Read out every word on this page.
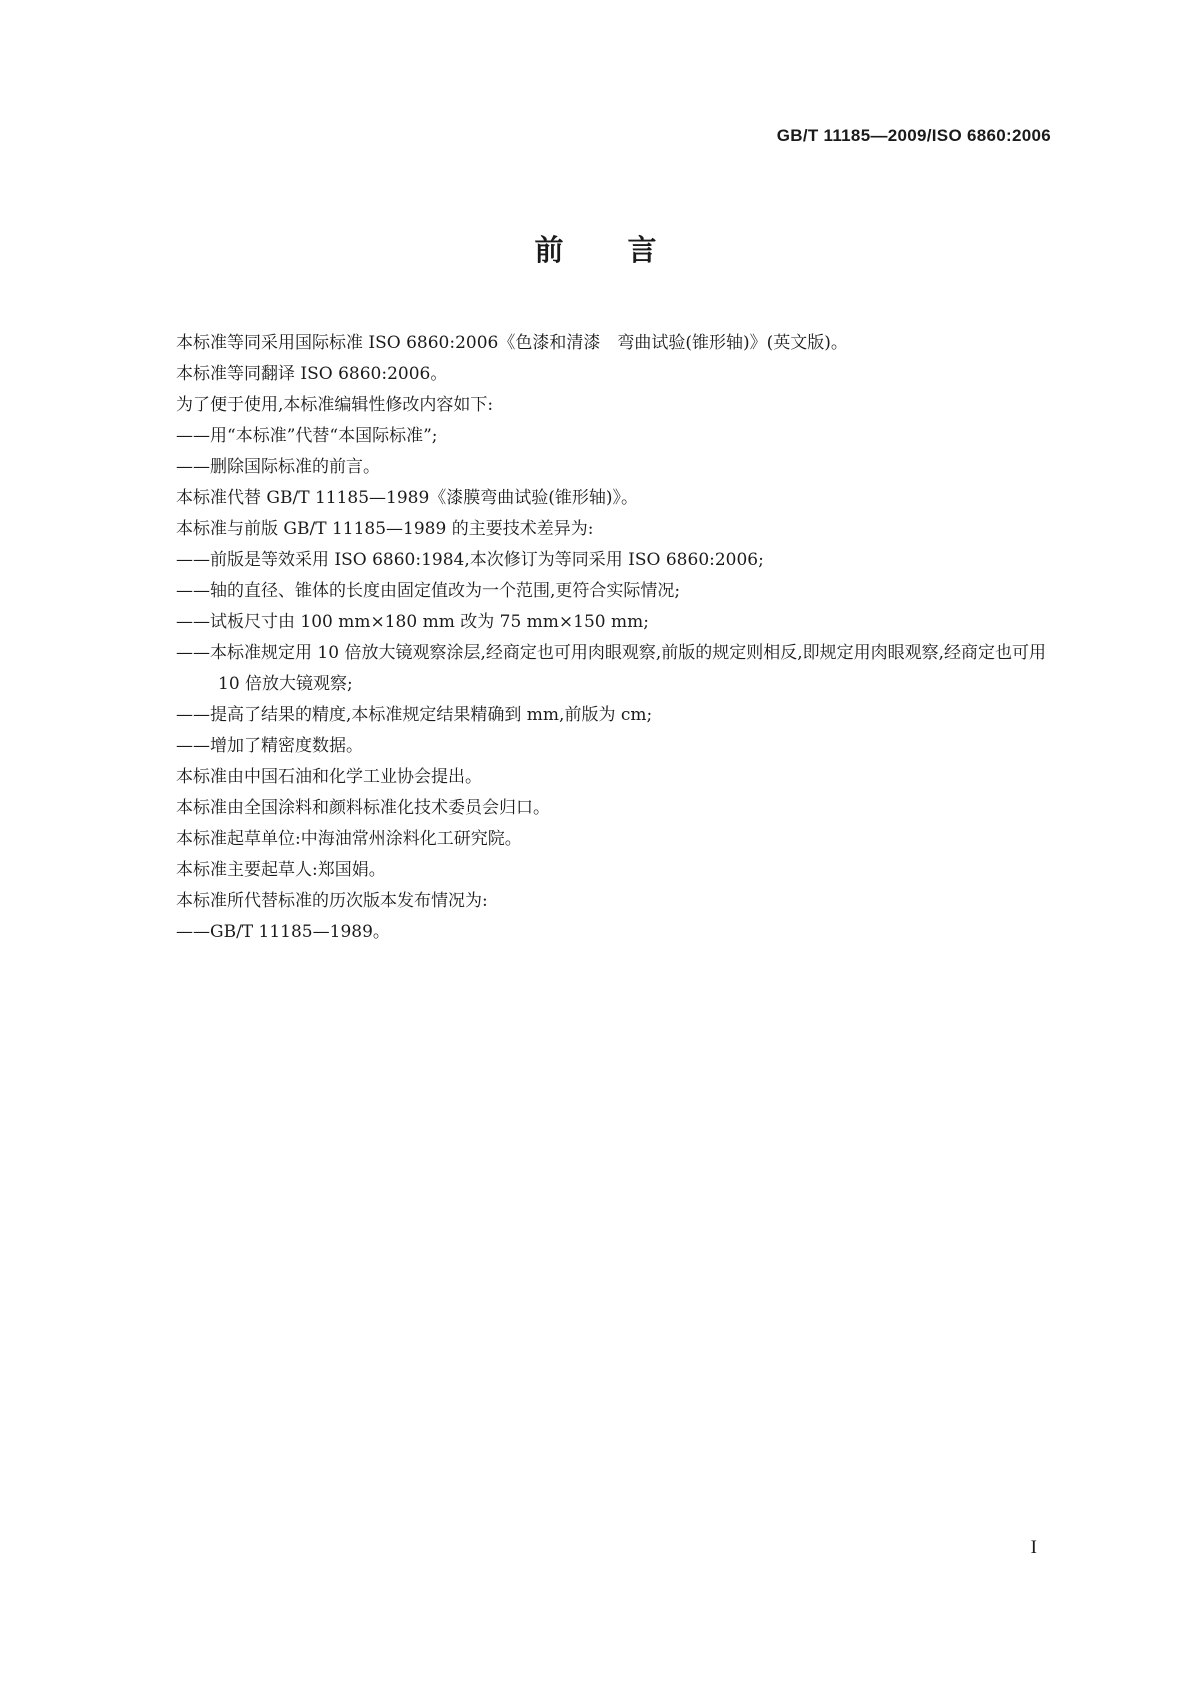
GB/T 11185—2009/ISO 6860:2006
前言

本标准等同采用国际标准 ISO 6860:2006《色漆和清漆　弯曲试验(锥形轴)》(英文版)。

本标准等同翻译 ISO 6860:2006。

为了便于使用,本标准编辑性修改内容如下:

——用“本标准”代替“本国际标准”;

——删除国际标准的前言。

本标准代替 GB/T 11185—1989《漆膜弯曲试验(锥形轴)》。

本标准与前版 GB/T 11185—1989 的主要技术差异为:

——前版是等效采用 ISO 6860:1984,本次修订为等同采用 ISO 6860:2006;

——轴的直径、锥体的长度由固定值改为一个范围,更符合实际情况;

——试板尺寸由 100 mm×180 mm 改为 75 mm×150 mm;

——本标准规定用 10 倍放大镜观察涂层,经商定也可用肉眼观察,前版的规定则相反,即规定用肉眼观察,经商定也可用 10 倍放大镜观察;

——提高了结果的精度,本标准规定结果精确到 mm,前版为 cm;

——增加了精密度数据。

本标准由中国石油和化学工业协会提出。

本标准由全国涂料和颜料标准化技术委员会归口。

本标准起草单位:中海油常州涂料化工研究院。

本标准主要起草人:郑国娟。

本标准所代替标准的历次版本发布情况为:

——GB/T 11185—1989。

I
